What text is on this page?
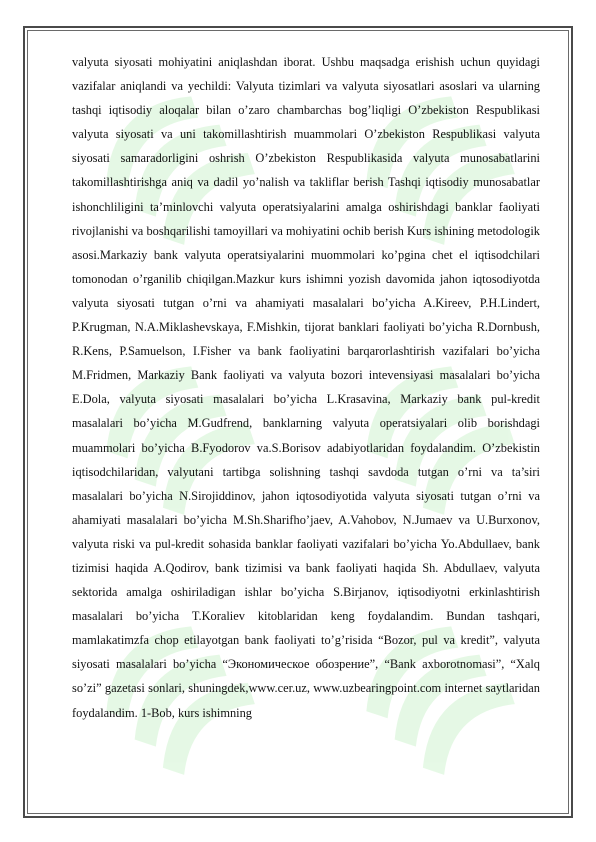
valyuta siyosati mohiyatini aniqlashdan iborat. Ushbu maqsadga erishish uchun quyidagi vazifalar aniqlandi va yechildi: Valyuta tizimlari va valyuta siyosatlari asoslari va ularning tashqi iqtisodiy aloqalar bilan o’zaro chambarchas bog’liqligi O’zbekiston Respublikasi valyuta siyosati va uni takomillashtirish muammolari O’zbekiston Respublikasi valyuta siyosati samaradorligini oshrish O’zbekiston Respublikasida valyuta munosabatlarini takomillashtirishga aniq va dadil yo’nalish va takliflar berish Tashqi iqtisodiy munosabatlar ishonchliligini ta’minlovchi valyuta operatsiyalarini amalga oshirishdagi banklar faoliyati rivojlanishi va boshqarilishi tamoyillari va mohiyatini ochib berish Kurs ishining metodologik asosi.Markaziy bank valyuta operatsiyalarini muommolari ko’pgina chet el iqtisodchilari tomonodan o’rganilib chiqilgan.Mazkur kurs ishimni yozish davomida jahon iqtosodiyotda valyuta siyosati tutgan o’rni va ahamiyati masalalari bo’yicha A.Kireev, P.H.Lindert, P.Krugman, N.A.Miklashevskaya, F.Mishkin, tijorat banklari faoliyati bo’yicha R.Dornbush, R.Kens, P.Samuelson, I.Fisher va bank faoliyatini barqarorlashtirish vazifalari bo’yicha M.Fridmen, Markaziy Bank faoliyati va valyuta bozori intevensiyasi masalalari bo’yicha E.Dola, valyuta siyosati masalalari bo’yicha L.Krasavina, Markaziy bank pul-kredit masalalari bo’yicha M.Gudfrend, banklarning valyuta operatsiyalari olib borishdagi muammolari bo’yicha B.Fyodorov va.S.Borisov adabiyotlaridan foydalandim. O’zbekistin iqtisodchilaridan, valyutani tartibga solishning tashqi savdoda tutgan o’rni va ta’siri masalalari bo’yicha N.Sirojiddinov, jahon iqtosodiyotida valyuta siyosati tutgan o’rni va ahamiyati masalalari bo’yicha M.Sh.Sharifho’jaev, A.Vahobov, N.Jumaev va U.Burxonov, valyuta riski va pul-kredit sohasida banklar faoliyati vazifalari bo’yicha Yo.Abdullaev, bank tizimisi haqida A.Qodirov, bank tizimisi va bank faoliyati haqida Sh. Abdullaev, valyuta sektorida amalga oshiriladigan ishlar bo’yicha S.Birjanov, iqtisodiyotni erkinlashtirish masalalari bo’yicha T.Koraliev kitoblaridan keng foydalandim. Bundan tashqari, mamlakatimzfa chop etilayotgan bank faoliyati to’g’risida “Bozor, pul va kredit”, valyuta siyosati masalalari bo’yicha “Экономическое обозрение”, “Bank axborotnomasi”, “Xalq so’zi” gazetasi sonlari, shuningdek,www.cer.uz, www.uzbearingpoint.com internet saytlaridan foydalandim. 1-Bob, kurs ishimning
